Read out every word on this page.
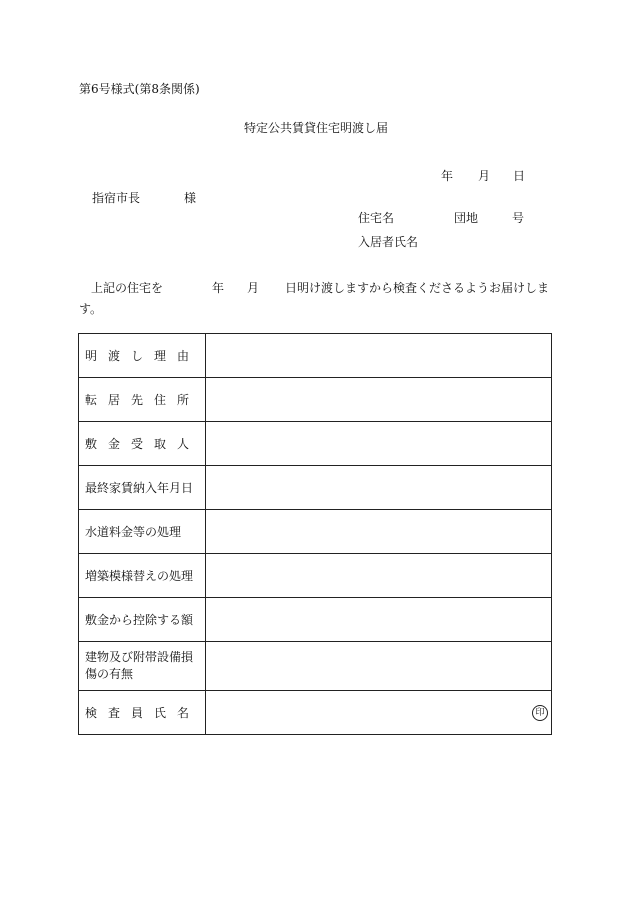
第6号様式(第8条関係)
特定公共賃貸住宅明渡し届
年 月 日
指宿市長	様
住宅名	団地	号
入居者氏名
上記の住宅を	年 月 日明け渡しますから検査くださるようお届けしま
す。
明 渡 し 理 由	

転 居 先 住 所	

敷 金 受 取 人	

最終家賃納入年月日	
水道料金等の処理	
増築模様替えの処理	
敷金から控除する額	
建物及び附帯設備損傷の有無	

検 査 員 氏 名	印
